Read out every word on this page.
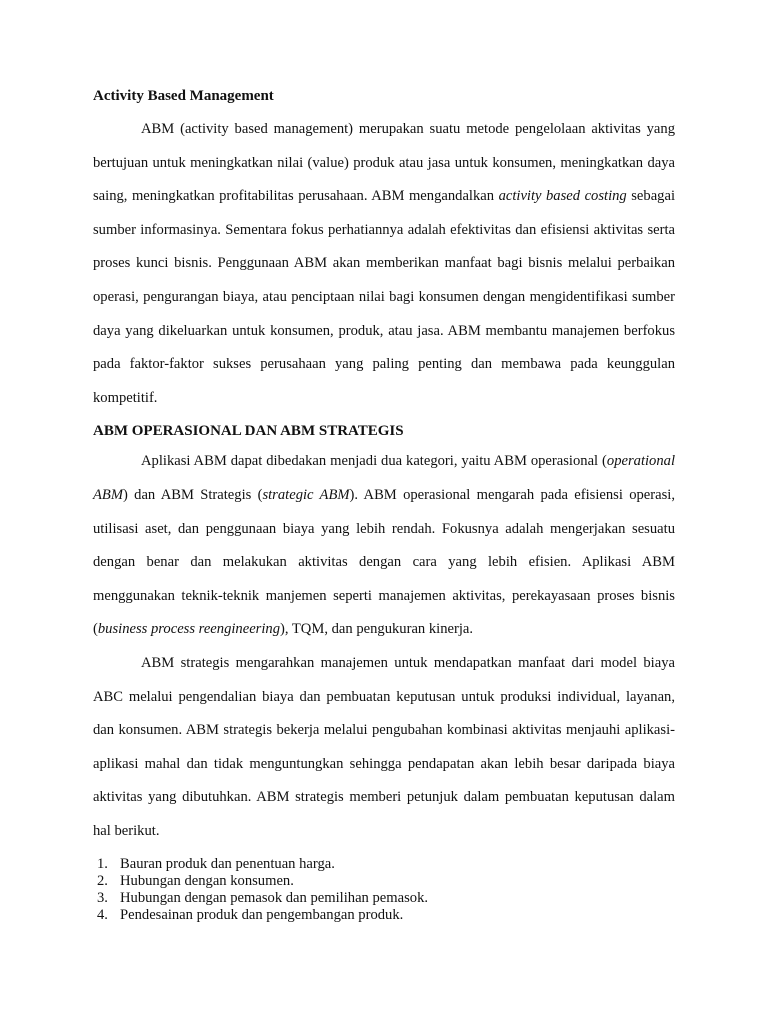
Activity Based Management

ABM (activity based management) merupakan suatu metode pengelolaan aktivitas yang bertujuan untuk meningkatkan nilai (value) produk atau jasa untuk konsumen, meningkatkan daya saing, meningkatkan profitabilitas perusahaan. ABM mengandalkan activity based costing sebagai sumber informasinya. Sementara fokus perhatiannya adalah efektivitas dan efisiensi aktivitas serta proses kunci bisnis. Penggunaan ABM akan memberikan manfaat bagi bisnis melalui perbaikan operasi, pengurangan biaya, atau penciptaan nilai bagi konsumen dengan mengidentifikasi sumber daya yang dikeluarkan untuk konsumen, produk, atau jasa. ABM membantu manajemen berfokus pada faktor-faktor sukses perusahaan yang paling penting dan membawa pada keunggulan kompetitif.

ABM OPERASIONAL DAN ABM STRATEGIS

Aplikasi ABM dapat dibedakan menjadi dua kategori, yaitu ABM operasional (operational ABM) dan ABM Strategis (strategic ABM). ABM operasional mengarah pada efisiensi operasi, utilisasi aset, dan penggunaan biaya yang lebih rendah. Fokusnya adalah mengerjakan sesuatu dengan benar dan melakukan aktivitas dengan cara yang lebih efisien. Aplikasi ABM menggunakan teknik-teknik manjemen seperti manajemen aktivitas, perekayasaan proses bisnis (business process reengineering), TQM, dan pengukuran kinerja.

ABM strategis mengarahkan manajemen untuk mendapatkan manfaat dari model biaya ABC melalui pengendalian biaya dan pembuatan keputusan untuk produksi individual, layanan, dan konsumen. ABM strategis bekerja melalui pengubahan kombinasi aktivitas menjauhi aplikasi-aplikasi mahal dan tidak menguntungkan sehingga pendapatan akan lebih besar daripada biaya aktivitas yang dibutuhkan. ABM strategis memberi petunjuk dalam pembuatan keputusan dalam hal berikut.

1. Bauran produk dan penentuan harga.
2. Hubungan dengan konsumen.
3. Hubungan dengan pemasok dan pemilihan pemasok.
4. Pendesainan produk dan pengembangan produk.
